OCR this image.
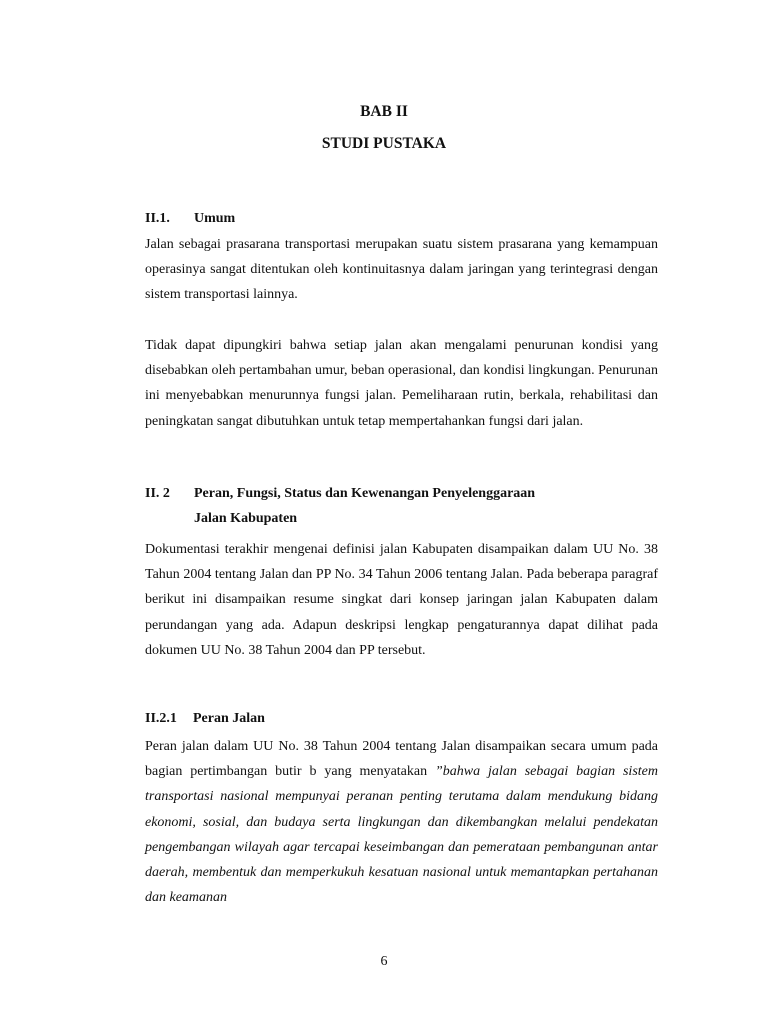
BAB II
STUDI PUSTAKA
II.1. Umum

Jalan sebagai prasarana transportasi merupakan suatu sistem prasarana yang kemampuan operasinya sangat ditentukan oleh kontinuitasnya dalam jaringan yang terintegrasi dengan sistem transportasi lainnya.

Tidak dapat dipungkiri bahwa setiap jalan akan mengalami penurunan kondisi yang disebabkan oleh pertambahan umur, beban operasional, dan kondisi lingkungan. Penurunan ini menyebabkan menurunnya fungsi jalan. Pemeliharaan rutin, berkala, rehabilitasi dan peningkatan sangat dibutuhkan untuk tetap mempertahankan fungsi dari jalan.

II. 2 Peran, Fungsi, Status dan Kewenangan Penyelenggaraan
Jalan Kabupaten

Dokumentasi terakhir mengenai definisi jalan Kabupaten disampaikan dalam UU No. 38 Tahun 2004 tentang Jalan dan PP No. 34 Tahun 2006 tentang Jalan. Pada beberapa paragraf berikut ini disampaikan resume singkat dari konsep jaringan jalan Kabupaten dalam perundangan yang ada. Adapun deskripsi lengkap pengaturannya dapat dilihat pada dokumen UU No. 38 Tahun 2004 dan PP tersebut.

II.2.1 Peran Jalan

Peran jalan dalam UU No. 38 Tahun 2004 tentang Jalan disampaikan secara umum pada bagian pertimbangan butir b yang menyatakan ”bahwa jalan sebagai bagian sistem transportasi nasional mempunyai peranan penting terutama dalam mendukung bidang ekonomi, sosial, dan budaya serta lingkungan dan dikembangkan melalui pendekatan pengembangan wilayah agar tercapai keseimbangan dan pemerataan pembangunan antar daerah, membentuk dan memperkukuh kesatuan nasional untuk memantapkan pertahanan dan keamanan

6
